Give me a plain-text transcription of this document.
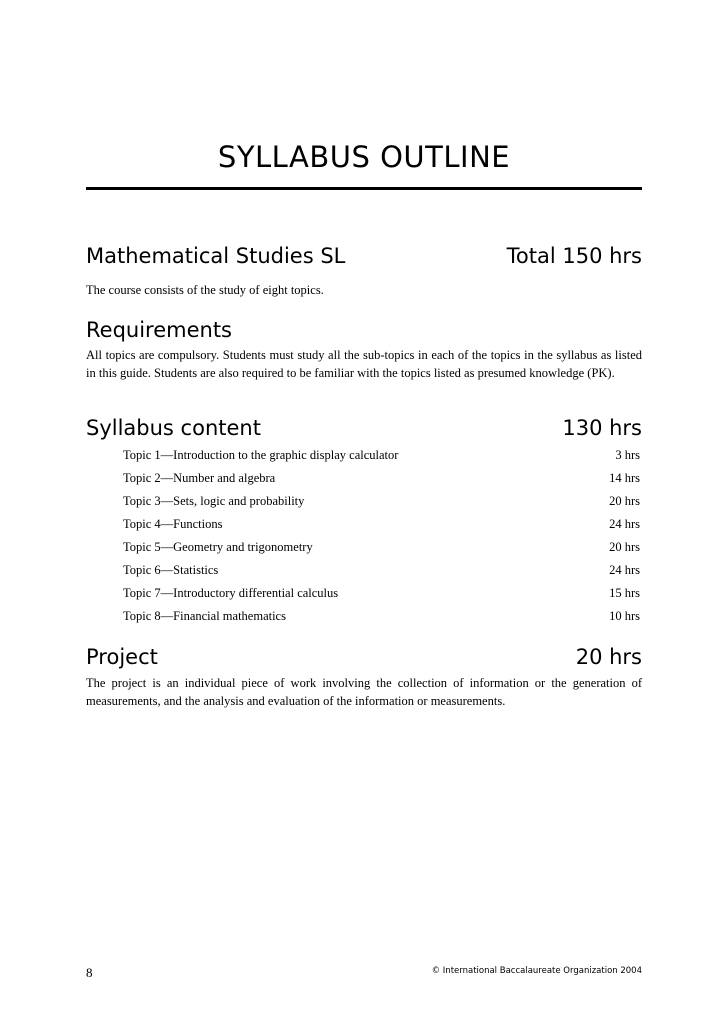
SYLLABUS OUTLINE
Mathematical Studies SL	Total 150 hrs
The course consists of the study of eight topics.
Requirements
All topics are compulsory. Students must study all the sub-topics in each of the topics in the syllabus as listed in this guide. Students are also required to be familiar with the topics listed as presumed knowledge (PK).
Syllabus content	130 hrs
Topic 1—Introduction to the graphic display calculator	3 hrs
Topic 2—Number and algebra	14 hrs
Topic 3—Sets, logic and probability	20 hrs
Topic 4—Functions	24 hrs
Topic 5—Geometry and trigonometry	20 hrs
Topic 6—Statistics	24 hrs
Topic 7—Introductory differential calculus	15 hrs
Topic 8—Financial mathematics	10 hrs
Project	20 hrs
The project is an individual piece of work involving the collection of information or the generation of measurements, and the analysis and evaluation of the information or measurements.
8	© International Baccalaureate Organization 2004
